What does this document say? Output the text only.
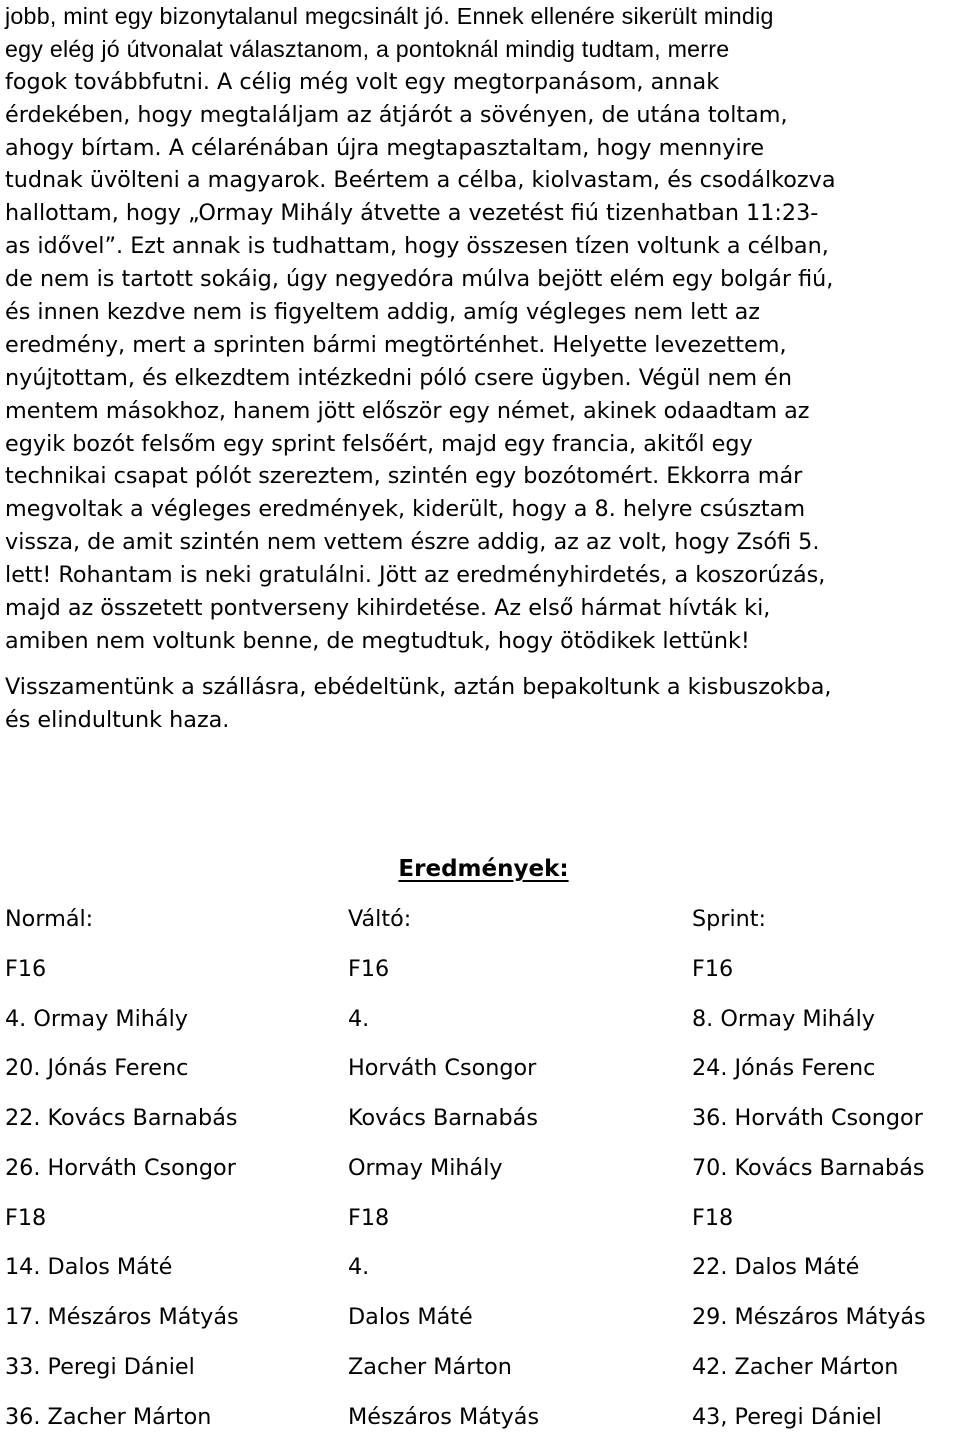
jobb, mint egy bizonytalanul megcsinált jó. Ennek ellenére sikerült mindig
egy elég jó útvonalat választanom, a pontoknál mindig tudtam, merre
fogok továbbfutni. A célig még volt egy megtorpanásom, annak
érdekében, hogy megtaláljam az átjárót a sövényen, de utána toltam,
ahogy bírtam. A célarénában újra megtapasztaltam, hogy mennyire
tudnak üvölteni a magyarok. Beértem a célba, kiolvastam, és csodálkozva
hallottam, hogy „Ormay Mihály átvette a vezetést fiú tizenhatban 11:23-
as idővel”. Ezt annak is tudhattam, hogy összesen tízen voltunk a célban,
de nem is tartott sokáig, úgy negyedóra múlva bejött elém egy bolgár fiú,
és innen kezdve nem is figyeltem addig, amíg végleges nem lett az
eredmény, mert a sprinten bármi megtörténhet. Helyette levezettem,
nyújtottam, és elkezdtem intézkedni póló csere ügyben. Végül nem én
mentem másokhoz, hanem jött először egy német, akinek odaadtam az
egyik bozót felsőm egy sprint felsőért, majd egy francia, akitől egy
technikai csapat pólót szereztem, szintén egy bozótomért. Ekkorra már
megvoltak a végleges eredmények, kiderült, hogy a 8. helyre csúsztam
vissza, de amit szintén nem vettem észre addig, az az volt, hogy Zsófi 5.
lett! Rohantam is neki gratulálni. Jött az eredményhirdetés, a koszorúzás,
majd az összetett pontverseny kihirdetése. Az első hármat hívták ki,
amiben nem voltunk benne, de megtudtuk, hogy ötödikek lettünk!

Visszamentünk a szállásra, ebédeltünk, aztán bepakoltunk a kisbuszokba,
és elindultunk haza.

Eredmények:
Normál:	Váltó:	Sprint:
F16	F16	F16
4. Ormay Mihály	4.	8. Ormay Mihály
20. Jónás Ferenc	Horváth Csongor	24. Jónás Ferenc
22. Kovács Barnabás	Kovács Barnabás	36. Horváth Csongor
26. Horváth Csongor	Ormay Mihály	70. Kovács Barnabás
F18	F18	F18
14. Dalos Máté	4.	22. Dalos Máté
17. Mészáros Mátyás	Dalos Máté	29. Mészáros Mátyás
33. Peregi Dániel	Zacher Márton	42. Zacher Márton
36. Zacher Márton	Mészáros Mátyás	43, Peregi Dániel
